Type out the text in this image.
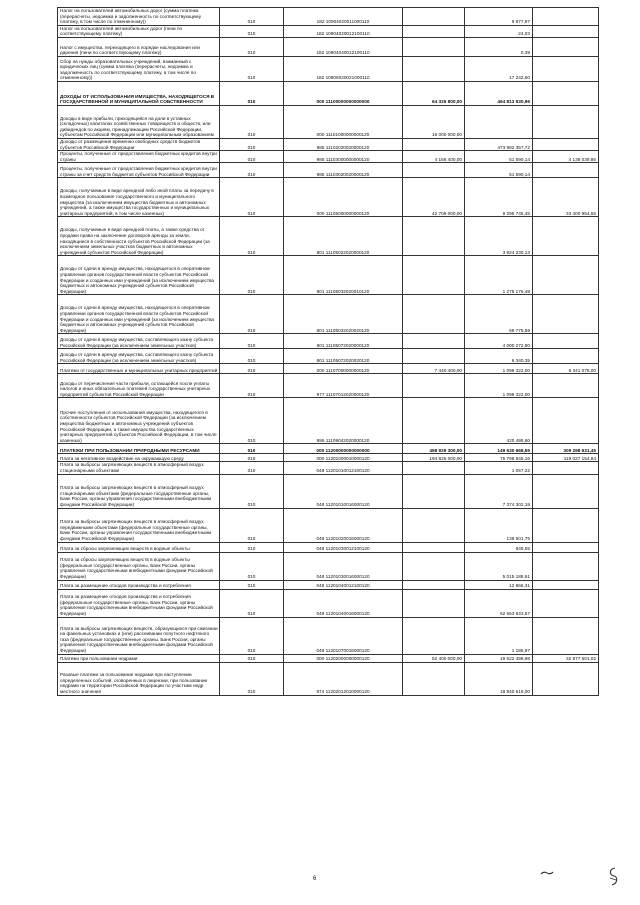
Налог на пользователей автомобильных дорог (сумма платежа (перерасчеты, недоимка и задолженность по соответствующему платежу, в том числе по отмененному))	010	182 10904020011000110		9 877,97	
Налог на пользователей автомобильных дорог (пени по соответствующему платежу)	010	182 10904020012100110		24,03	
Налог с имущества, переходящего в порядке наследования или дарения (пени по соответствующему платежу)	010	182 10904040012100110		0,39	
Сбор на нужды образовательных учреждений, взимаемый с юридических лиц (сумма платежа (перерасчеты, недоимка и задолженность по соответствующему платежу, в том числе по отмененному))	010	182 10906020021000110		17 242,60	
ДОХОДЫ ОТ ИСПОЛЬЗОВАНИЯ ИМУЩЕСТВА, НАХОДЯЩЕГОСЯ В ГОСУДАРСТВЕННОЙ И МУНИЦИПАЛЬНОЙ СОБСТВЕННОСТИ	010	000 11100000000000000	64 326 800,00	464 813 530,96	
Доходы в виде прибыли, приходящейся на доли в уставных (складочных) капиталах хозяйственных товариществ и обществ, или дивидендов по акциям, принадлежащим Российской Федерации, субъектам Российской Федерации или муниципальным образованиям	010	000 11101000000000120	16 000 000,00		
Доходы от размещения временно свободных средств бюджетов субъектов Российской Федерации	010	985 11102020020000120		473 982 357,72	
Проценты, полученные от предоставления бюджетных кредитов внутри страны	010	985 11103000000000120	4 166 400,00	51 590,14	4 138 039,86
Проценты, полученные от предоставления бюджетных кредитов внутри страны за счет средств бюджетов субъектов Российской Федерации	010	985 11103020020000120		51 590,14	
Доходы, получаемые в виде арендной либо иной платы за передачу в возмездное пользование государственного и муниципального имущества (за исключением имущества бюджетных и автономных учреждений, а также имущества государственных и муниципальных унитарных предприятий, в том числе казенных)	010	000 11105000000000120	42 709 000,00	9 295 745,45	33 400 954,55
Доходы, получаемые в виде арендной платы, а также средства от продажи права на заключение договоров аренды за земли, находящиеся в собственности субъектов Российской Федерации (за исключением земельных участков бюджетных и автономных учреждений субъектов Российской Федерации)	010	801 11105022020000120		3 924 230,13	
Доходы от сдачи в аренду имущества, находящегося в оперативном управлении органов государственной власти субъектов Российской Федерации и созданных ими учреждений (за исключением имущества бюджетных и автономных учреждений субъектов Российской Федерации)	010	801 11105032020010120		1 275 176,48	
Доходы от сдачи в аренду имущества, находящегося в оперативном управлении органов государственной власти субъектов Российской Федерации и созданных ими учреждений (за исключением имущества бюджетных и автономных учреждений субъектов Российской Федерации)	010	801 11105032020020120		69 775,59	
Доходы от сдачи в аренду имущества, составляющего казну субъекта Российской Федерации (за исключением земельных участков)	010	801 11105072020000120		4 000 272,90	
Доходы от сдачи в аренду имущества, составляющего казну субъекта Российской Федерации (за исключением земельных участков)	010	801 11105072020020120		6 340,35	
Платежи от государственных и муниципальных унитарных предприятий	010	000 11107000000000120	7 440 400,00	1 099 322,00	6 341 078,00
Доходы от перечисления части прибыли, остающейся после уплаты налогов и иных обязательных платежей государственных унитарных предприятий субъектов Российской Федерации	010	977 11107012020000120		1 099 322,00	
Прочие поступления от использования имущества, находящегося в собственности субъектов Российской Федерации (за исключением имущества бюджетных и автономных учреждений субъектов Российской Федерации, а также имущества государственных унитарных предприятий субъектов Российской Федерации, в том числе казенных)	010	986 11109042020000120		420 495,60	
ПЛАТЕЖИ ПРИ ПОЛЬЗОВАНИИ ПРИРОДНЫМИ РЕСУРСАМИ	010	000 11200000000000000	458 929 300,00	149 630 668,55	309 298 631,45
Плата за негативное воздействие на окружающую среду	010	000 11201000010000120	194 826 000,00	75 798 845,16	119 027 154,84
Плата за выбросы загрязняющих веществ в атмосферный воздух стационарными объектами	010	048 11201010012100120		1 057,22	
Плата за выбросы загрязняющих веществ в атмосферный воздух стационарными объектами (федеральные государственные органы, Банк России, органы управления государственными внебюджетными фондами Российской Федерации)	010	048 11201010016000120		7 374 302,18	
Плата за выбросы загрязняющих веществ в атмосферный воздух передвижными объектами (федеральные государственные органы, Банк России, органы управления государственными внебюджетными фондами Российской Федерации)	010	048 11201020016000120		139 501,75	
Плата за сбросы загрязняющих веществ в водные объекты	010	048 11201030012100120		849,55	
Плата за сбросы загрязняющих веществ в водные объекты (федеральные государственные органы, Банк России, органы управления государственными внебюджетными фондами Российской Федерации)	010	048 11201030016000120		5 015 188,61	
Плата за размещение отходов производства и потребления	010	048 11201040012100120		12 866,31	
Плата за размещение отходов производства и потребления (федеральные государственные органы, Банк России, органы управления государственными внебюджетными фондами Российской Федерации)	010	048 11201040016000120		62 653 643,57	
Плата за выбросы загрязняющих веществ, образующихся при сжигании на факельных установках и (или) рассеивании попутного нефтяного газа (федеральные государственные органы, Банк России, органы управления государственными внебюджетными фондами Российской Федерации)	010	048 11201070016000120		1 185,97	
Платежи при пользовании недрами	010	000 11202000000000120	52 400 000,00	19 522 498,98	32 877 501,02
Разовые платежи за пользование недрами при наступлении определенных событий, оговоренных в лицензии, при пользовании недрами на территории Российской Федерации по участкам недр местного значения	010	974 11202012010000120		18 840 616,00	
6
